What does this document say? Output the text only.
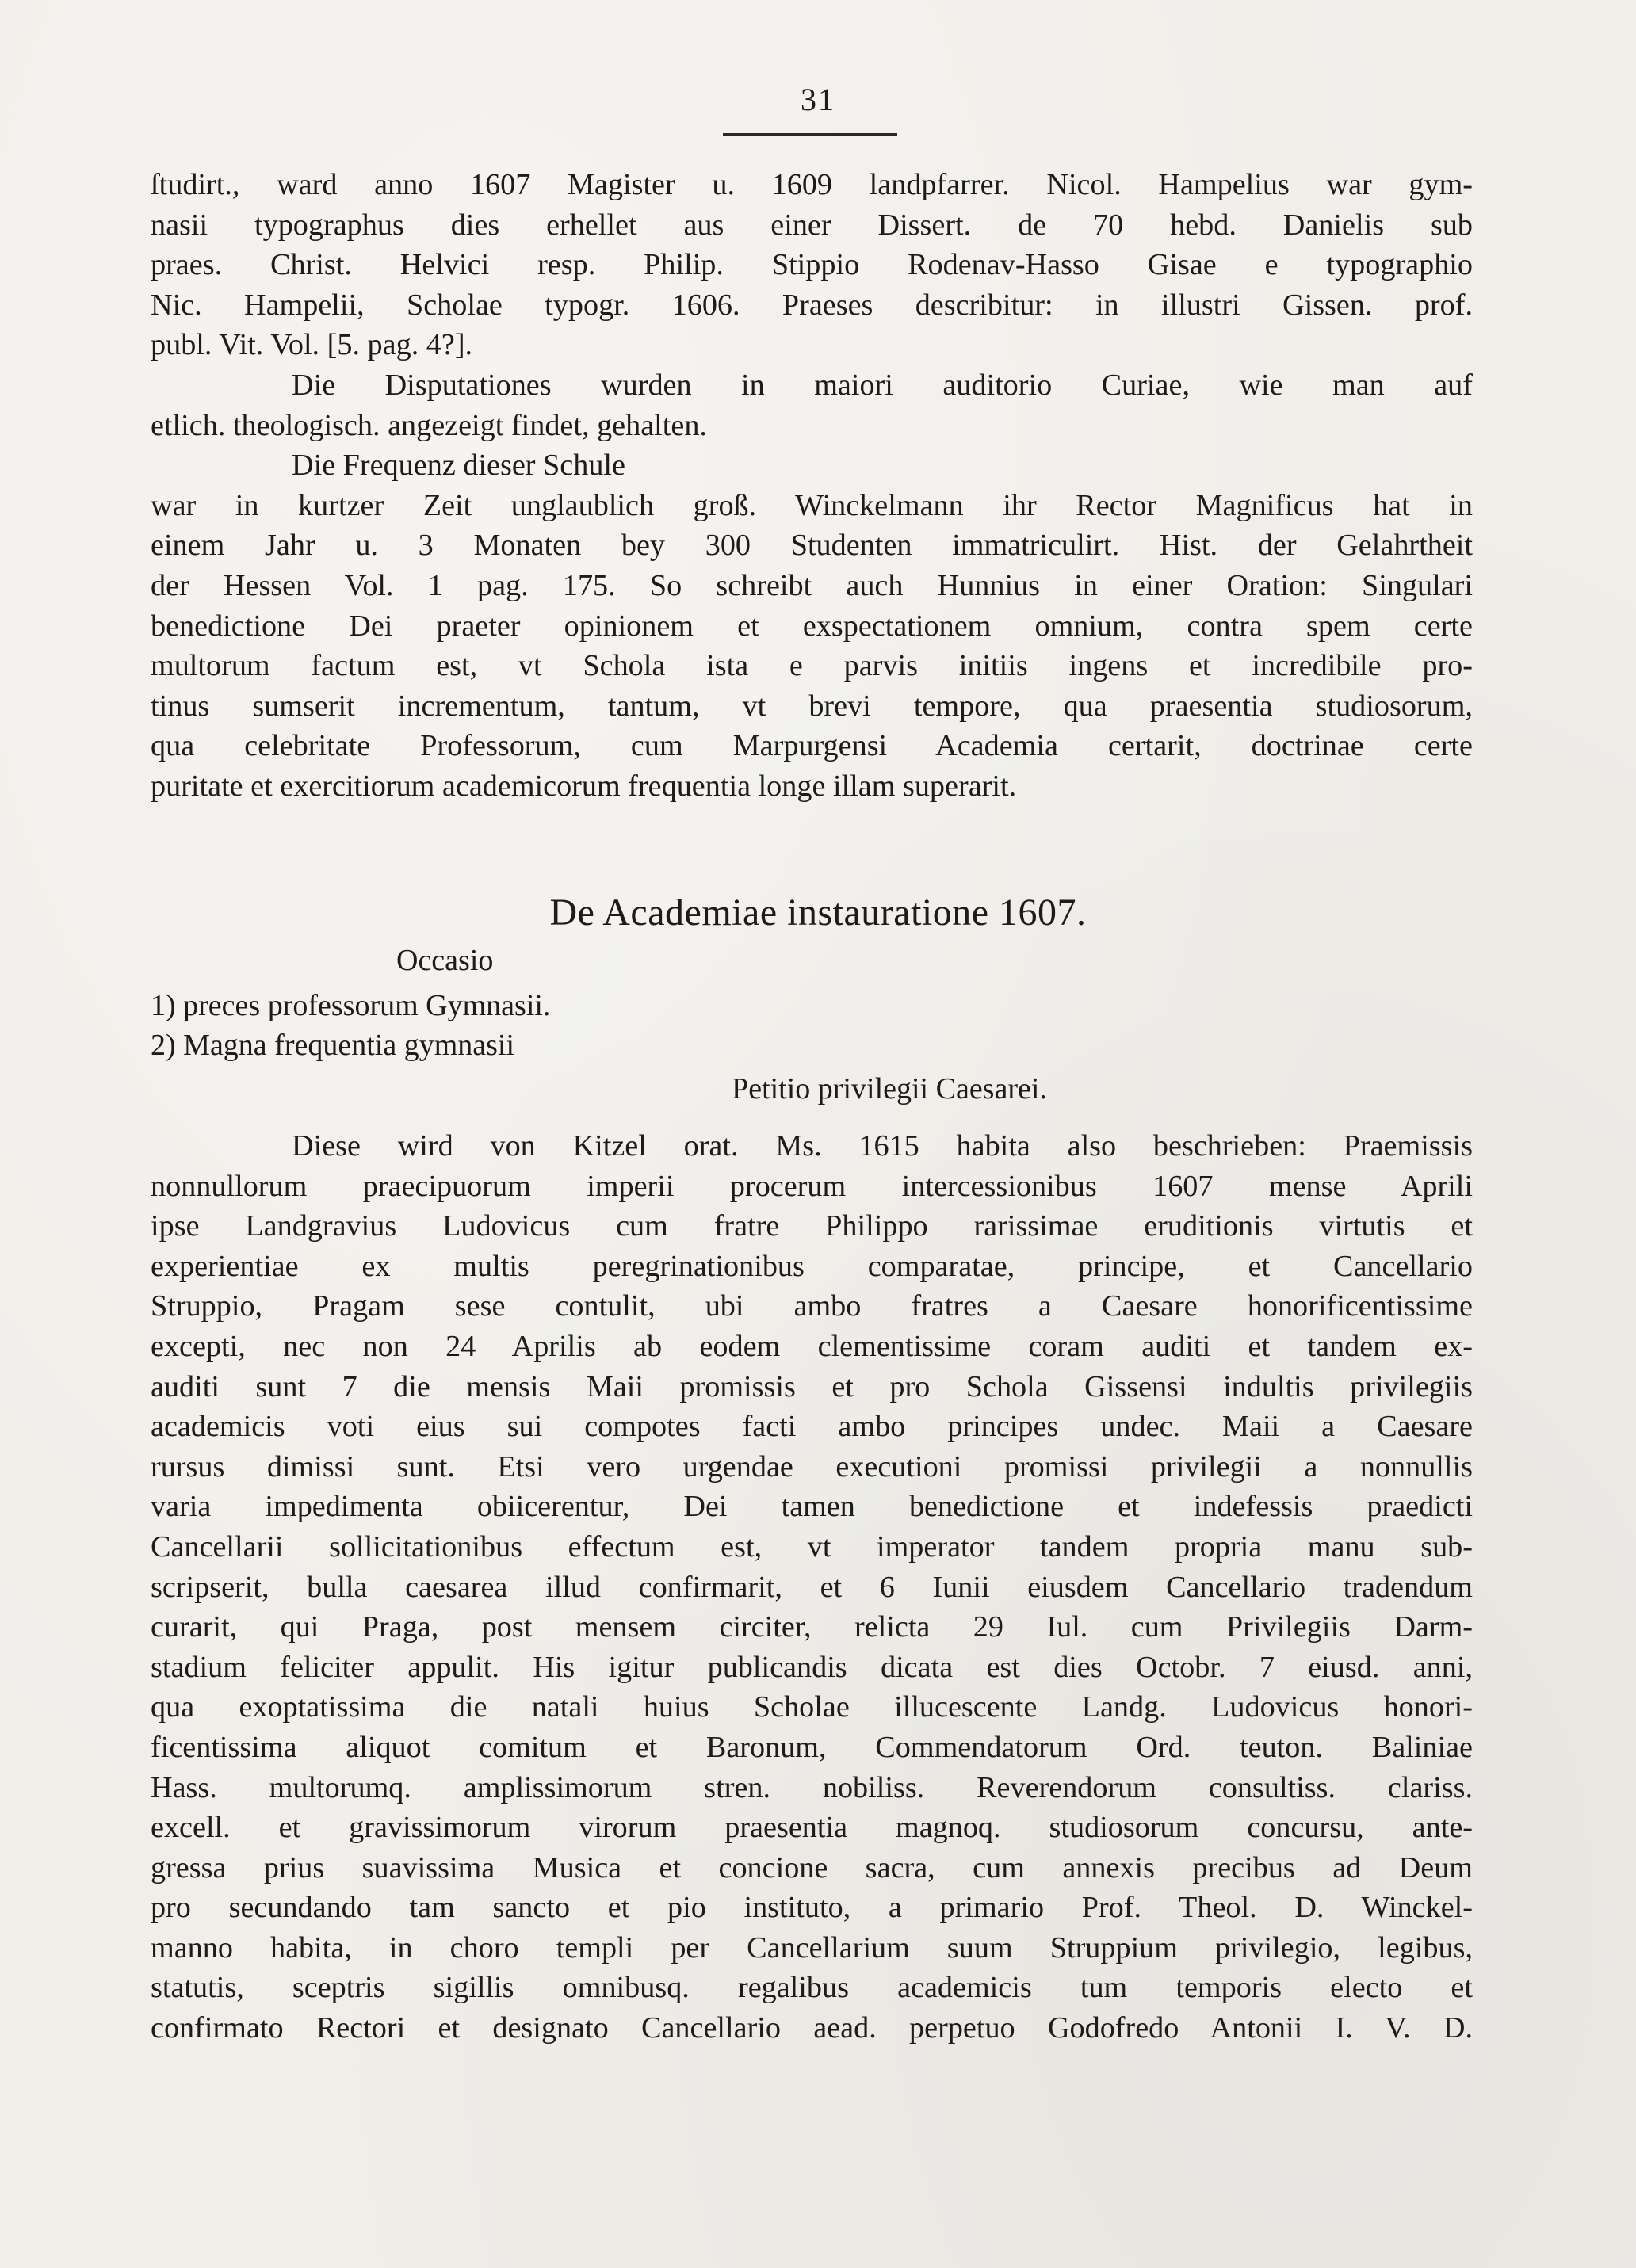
31
ſtudirt., ward anno 1607 Magister u. 1609 landpfarrer. Nicol. Hampelius war gym-
nasii typographus dies erhellet aus einer Dissert. de 70 hebd. Danielis sub
praes. Christ. Helvici resp. Philip. Stippio Rodenav-Hasso Gisae e typographio
Nic. Hampelii, Scholae typogr. 1606. Praeses describitur: in illustri Gissen. prof.
publ. Vit. Vol. [5. pag. 4?].
Die Disputationes wurden in maiori auditorio Curiae, wie man auf
etlich. theologisch. angezeigt findet, gehalten.
Die Frequenz dieser Schule
war in kurtzer Zeit unglaublich groß. Winckelmann ihr Rector Magnificus hat in
einem Jahr u. 3 Monaten bey 300 Studenten immatriculirt. Hist. der Gelahrtheit
der Hessen Vol. 1 pag. 175. So schreibt auch Hunnius in einer Oration: Singulari
benedictione Dei praeter opinionem et exspectationem omnium, contra spem certe
multorum factum est, vt Schola ista e parvis initiis ingens et incredibile pro-
tinus sumserit incrementum, tantum, vt brevi tempore, qua praesentia studiosorum,
qua celebritate Professorum, cum Marpurgensi Academia certarit, doctrinae certe
puritate et exercitiorum academicorum frequentia longe illam superarit.
De Academiae instauratione 1607.
Occasio
1) preces professorum Gymnasii.
2) Magna frequentia gymnasii
Petitio privilegii Caesarei.
Diese wird von Kitzel orat. Ms. 1615 habita also beschrieben: Praemissis
nonnullorum praecipuorum imperii procerum intercessionibus 1607 mense Aprili
ipse Landgravius Ludovicus cum fratre Philippo rarissimae eruditionis virtutis et
experientiae ex multis peregrinationibus comparatae, principe, et Cancellario
Struppio, Pragam sese contulit, ubi ambo fratres a Caesare honorificentissime
excepti, nec non 24 Aprilis ab eodem clementissime coram auditi et tandem ex-
auditi sunt 7 die mensis Maii promissis et pro Schola Gissensi indultis privilegiis
academicis voti eius sui compotes facti ambo principes undec. Maii a Caesare
rursus dimissi sunt. Etsi vero urgendae executioni promissi privilegii a nonnullis
varia impedimenta obiicerentur, Dei tamen benedictione et indefessis praedicti
Cancellarii sollicitationibus effectum est, vt imperator tandem propria manu sub-
scripserit, bulla caesarea illud confirmarit, et 6 Iunii eiusdem Cancellario tradendum
curarit, qui Praga, post mensem circiter, relicta 29 Iul. cum Privilegiis Darm-
stadium feliciter appulit. His igitur publicandis dicata est dies Octobr. 7 eiusd. anni,
qua exoptatissima die natali huius Scholae illucescente Landg. Ludovicus honori-
ficentissima aliquot comitum et Baronum, Commendatorum Ord. teuton. Baliniae
Hass. multorumq. amplissimorum stren. nobiliss. Reverendorum consultiss. clariss.
excell. et gravissimorum virorum praesentia magnoq. studiosorum concursu, ante-
gressa prius suavissima Musica et concione sacra, cum annexis precibus ad Deum
pro secundando tam sancto et pio instituto, a primario Prof. Theol. D. Winckel-
manno habita, in choro templi per Cancellarium suum Struppium privilegio, legibus,
statutis, sceptris sigillis omnibusq. regalibus academicis tum temporis electo et
confirmato Rectori et designato Cancellario aead. perpetuo Godofredo Antonii I. V. D.
